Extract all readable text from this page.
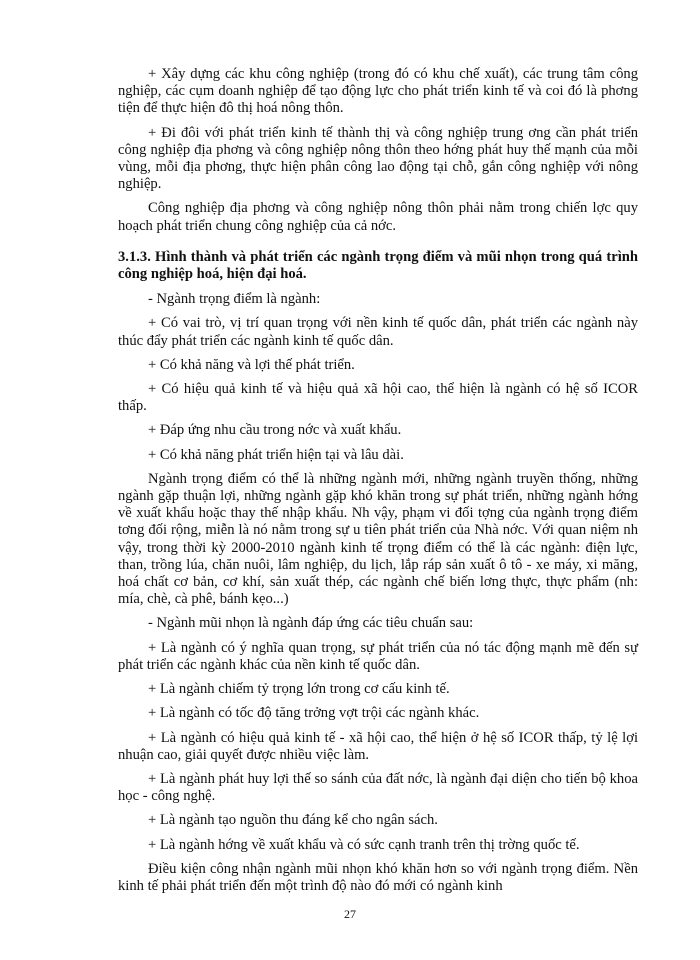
+ Xây dựng các khu công nghiệp (trong đó có khu chế xuất), các trung tâm công nghiệp, các cụm doanh nghiệp để tạo động lực cho phát triển kinh tế và coi đó là phơng tiện để thực hiện đô thị hoá nông thôn.

+ Đi đôi với phát triển kinh tế thành thị và công nghiệp trung ơng cần phát triển công nghiệp địa phơng và công nghiệp nông thôn theo hớng phát huy thế mạnh của mỗi vùng, mỗi địa phơng, thực hiện phân công lao động tại chỗ, gắn công nghiệp với nông nghiệp.

Công nghiệp địa phơng và công nghiệp nông thôn phải nằm trong chiến lợc quy hoạch phát triển chung công nghiệp của cả nớc.

3.1.3. Hình thành và phát triển các ngành trọng điểm và mũi nhọn trong quá trình công nghiệp hoá, hiện đại hoá.

- Ngành trọng điểm là ngành:

+ Có vai trò, vị trí quan trọng với nền kinh tế quốc dân, phát triển các ngành này thúc đẩy phát triển các ngành kinh tế quốc dân.

+ Có khả năng và lợi thế phát triển.

+ Có hiệu quả kinh tế và hiệu quả xã hội cao, thể hiện là ngành có hệ số ICOR thấp.

+ Đáp ứng nhu cầu trong nớc và xuất khẩu.

+ Có khả năng phát triển hiện tại và lâu dài.

Ngành trọng điểm có thể là những ngành mới, những ngành truyền thống, những ngành gặp thuận lợi, những ngành gặp khó khăn trong sự phát triển, những ngành hớng về xuất khẩu hoặc thay thế nhập khẩu. Nh vậy, phạm vi đối tợng của ngành trọng điểm tơng đối rộng, miễn là nó nằm trong sự u tiên phát triển của Nhà nớc. Với quan niệm nh vậy, trong thời kỳ 2000-2010 ngành kinh tế trọng điểm có thể là các ngành: điện lực, than, trồng lúa, chăn nuôi, lâm nghiệp, du lịch, lắp ráp sản xuất ô tô - xe máy, xi măng, hoá chất cơ bản, cơ khí, sản xuất thép, các ngành chế biến lơng thực, thực phẩm (nh: mía, chè, cà phê, bánh kẹo...)

- Ngành mũi nhọn là ngành đáp ứng các tiêu chuẩn sau:

+ Là ngành có ý nghĩa quan trọng, sự phát triển của nó tác động mạnh mẽ đến sự phát triển các ngành khác của nền kinh tế quốc dân.

+ Là ngành chiếm tỷ trọng lớn trong cơ cấu kinh tế.

+ Là ngành có tốc độ tăng trởng vợt trội các ngành khác.

+ Là ngành có hiệu quả kinh tế - xã hội cao, thể hiện ở hệ số ICOR thấp, tỷ lệ lợi nhuận cao, giải quyết được nhiều việc làm.

+ Là ngành phát huy lợi thế so sánh của đất nớc, là ngành đại diện cho tiến bộ khoa học - công nghệ.

+ Là ngành tạo nguồn thu đáng kể cho ngân sách.

+ Là ngành hớng về xuất khẩu và có sức cạnh tranh trên thị trờng quốc tế.

Điều kiện công nhận ngành mũi nhọn khó khăn hơn so với ngành trọng điểm. Nền kinh tế phải phát triển đến một trình độ nào đó mới có ngành kinh

27
